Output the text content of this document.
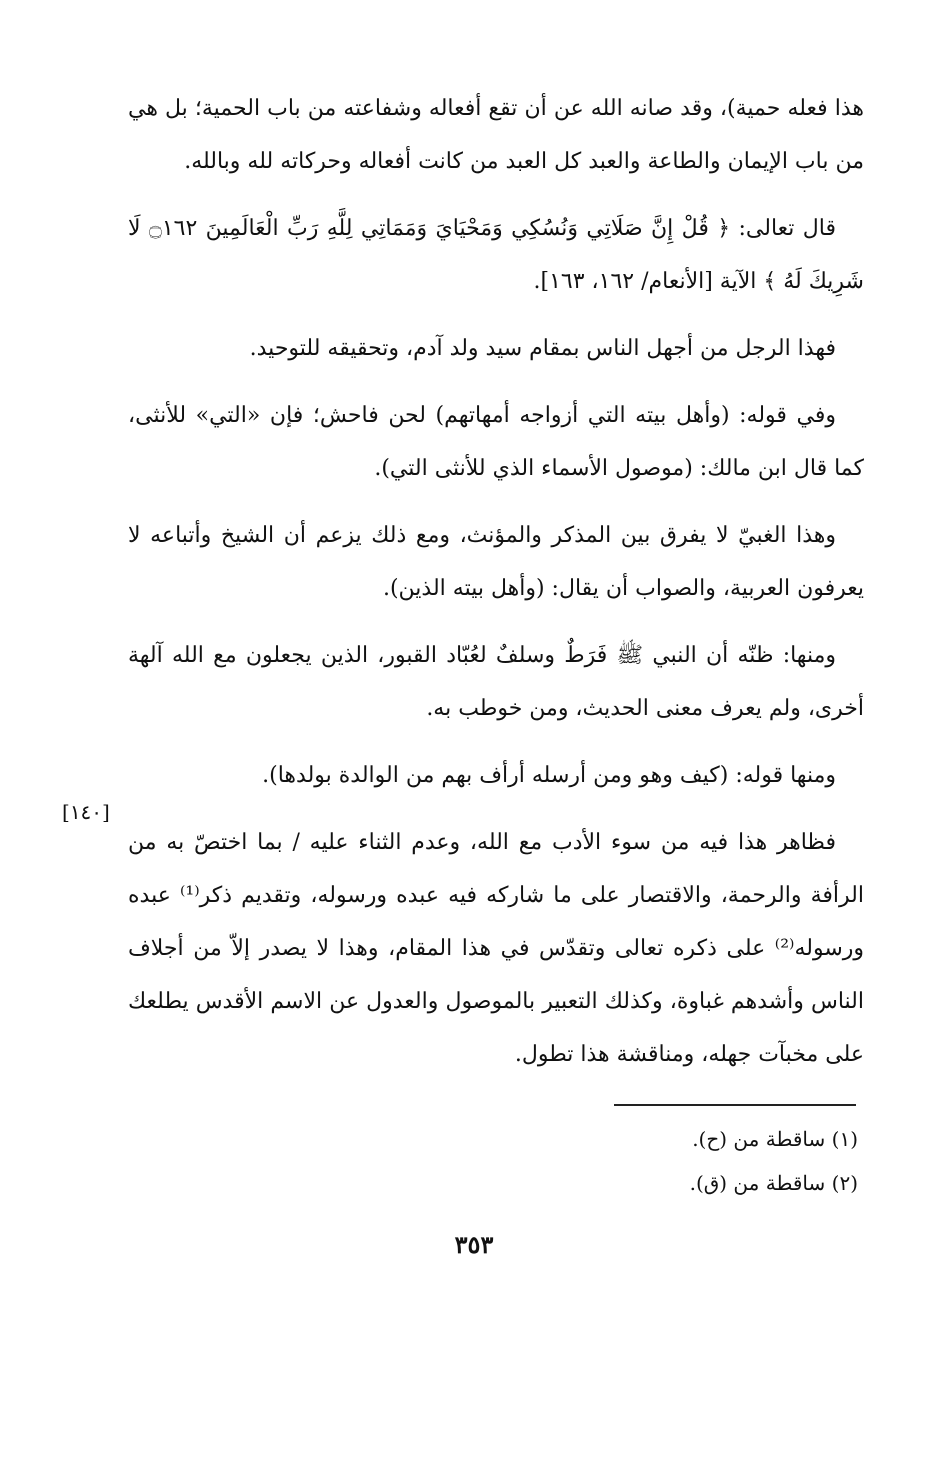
هذا فعله حمية)، وقد صانه الله عن أن تقع أفعاله وشفاعته من باب الحمية؛ بل هي من باب الإيمان والطاعة والعبد كل العبد من كانت أفعاله وحركاته لله وبالله.

قال تعالى: ﴿ قُلْ إِنَّ صَلَاتِي وَنُسُكِي وَمَحْيَايَ وَمَمَاتِي لِلَّهِ رَبِّ الْعَالَمِينَ ۝١٦٢ لَا شَرِيكَ لَهُ ﴾ الآية [الأنعام/ ١٦٢، ١٦٣].

فهذا الرجل من أجهل الناس بمقام سيد ولد آدم، وتحقيقه للتوحيد.

وفي قوله: (وأهل بيته التي أزواجه أمهاتهم) لحن فاحش؛ فإن «التي» للأنثى، كما قال ابن مالك: (موصول الأسماء الذي للأنثى التي).

وهذا الغبيّ لا يفرق بين المذكر والمؤنث، ومع ذلك يزعم أن الشيخ وأتباعه لا يعرفون العربية، والصواب أن يقال: (وأهل بيته الذين).

ومنها: ظنّه أن النبي ﷺ فَرَطٌ وسلفٌ لعُبّاد القبور، الذين يجعلون مع الله آلهة أخرى، ولم يعرف معنى الحديث، ومن خوطب به.

ومنها قوله: (كيف وهو ومن أرسله أرأف بهم من الوالدة بولدها).

فظاهر هذا فيه من سوء الأدب مع الله، وعدم الثناء عليه / بما اختصّ به من الرأفة والرحمة، والاقتصار على ما شاركه فيه عبده ورسوله، وتقديم ذكر⁽¹⁾ عبده ورسوله⁽²⁾ على ذكره تعالى وتقدّس في هذا المقام، وهذا لا يصدر إلاّ من أجلاف الناس وأشدهم غباوة، وكذلك التعبير بالموصول والعدول عن الاسم الأقدس يطلعك على مخبآت جهله، ومناقشة هذا تطول.

[١٤٠]
(١) ساقطة من (ح).
(٢) ساقطة من (ق).
٣٥٣
